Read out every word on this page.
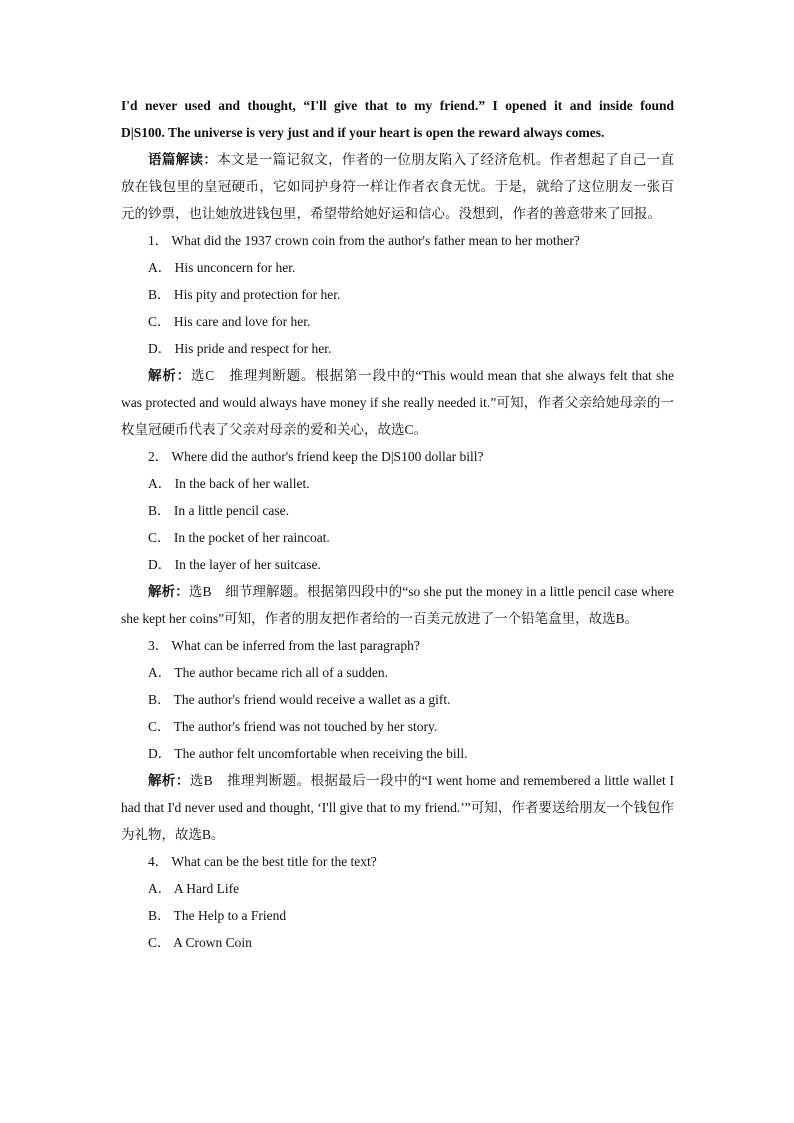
I'd never used and thought, “I'll give that to my friend.” I opened it and inside found

D|S100. The universe is very just and if your heart is open the reward always comes.

语篇解读：本文是一篇记叙文，作者的一位朋友陷入了经济危机。作者想起了自己一直放在钱包里的皇冠硬币，它如同护身符一样让作者衣食无忧。于是，就给了这位朋友一张百元的钞票，也让她放进钱包里，希望带给她好运和信心。没想到，作者的善意带来了回报。

1． What did the 1937 crown coin from the author's father mean to her mother?

A． His unconcern for her.

B． His pity and protection for her.

C． His care and love for her.

D． His pride and respect for her.

解析：选C　推理判断题。根据第一段中的“This would mean that she always felt that she was protected and would always have money if she really needed it.”可知，作者父亲给她母亲的一枚皇冠硬币代表了父亲对母亲的爱和关心，故选C。

2． Where did the author's friend keep the D|S100 dollar bill?

A． In the back of her wallet.

B． In a little pencil case.

C． In the pocket of her raincoat.

D． In the layer of her suitcase.

解析：选B　细节理解题。根据第四段中的“so she put the money in a little pencil case where she kept her coins”可知，作者的朋友把作者给的一百美元放进了一个铅笔盒里，故选B。

3． What can be inferred from the last paragraph?

A． The author became rich all of a sudden.

B． The author's friend would receive a wallet as a gift.

C． The author's friend was not touched by her story.

D． The author felt uncomfortable when receiving the bill.

解析：选B　推理判断题。根据最后一段中的“I went home and remembered a little wallet I had that I'd never used and thought, ‘I'll give that to my friend.’”可知，作者要送给朋友一个钱包作为礼物，故选B。

4． What can be the best title for the text?

A． A Hard Life

B． The Help to a Friend

C． A Crown Coin
